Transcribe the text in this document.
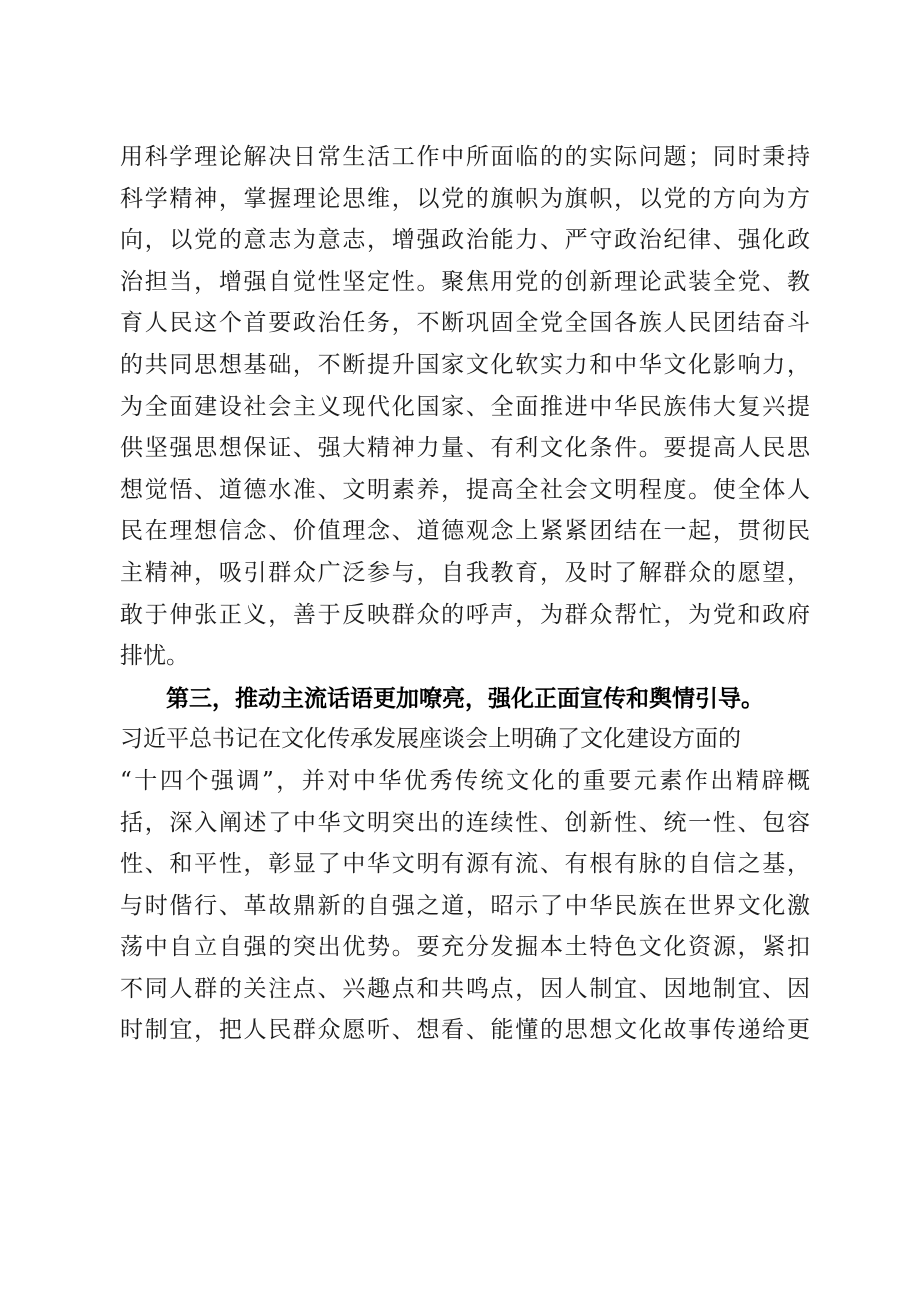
用科学理论解决日常生活工作中所面临的的实际问题；同时秉持
科学精神，掌握理论思维，以党的旗帜为旗帜，以党的方向为方
向，以党的意志为意志，增强政治能力、严守政治纪律、强化政
治担当，增强自觉性坚定性。聚焦用党的创新理论武装全党、教
育人民这个首要政治任务，不断巩固全党全国各族人民团结奋斗
的共同思想基础，不断提升国家文化软实力和中华文化影响力，
为全面建设社会主义现代化国家、全面推进中华民族伟大复兴提
供坚强思想保证、强大精神力量、有利文化条件。要提高人民思
想觉悟、道德水准、文明素养，提高全社会文明程度。使全体人
民在理想信念、价值理念、道德观念上紧紧团结在一起，贯彻民
主精神，吸引群众广泛参与，自我教育，及时了解群众的愿望，
敢于伸张正义，善于反映群众的呼声，为群众帮忙，为党和政府
排忧。
第三，推动主流话语更加嘹亮，强化正面宣传和舆情引导。
习近平总书记在文化传承发展座谈会上明确了文化建设方面的
“十四个强调”，并对中华优秀传统文化的重要元素作出精辟概
括，深入阐述了中华文明突出的连续性、创新性、统一性、包容
性、和平性，彰显了中华文明有源有流、有根有脉的自信之基，
与时偕行、革故鼎新的自强之道，昭示了中华民族在世界文化激
荡中自立自强的突出优势。要充分发掘本土特色文化资源，紧扣
不同人群的关注点、兴趣点和共鸣点，因人制宜、因地制宜、因
时制宜，把人民群众愿听、想看、能懂的思想文化故事传递给更
